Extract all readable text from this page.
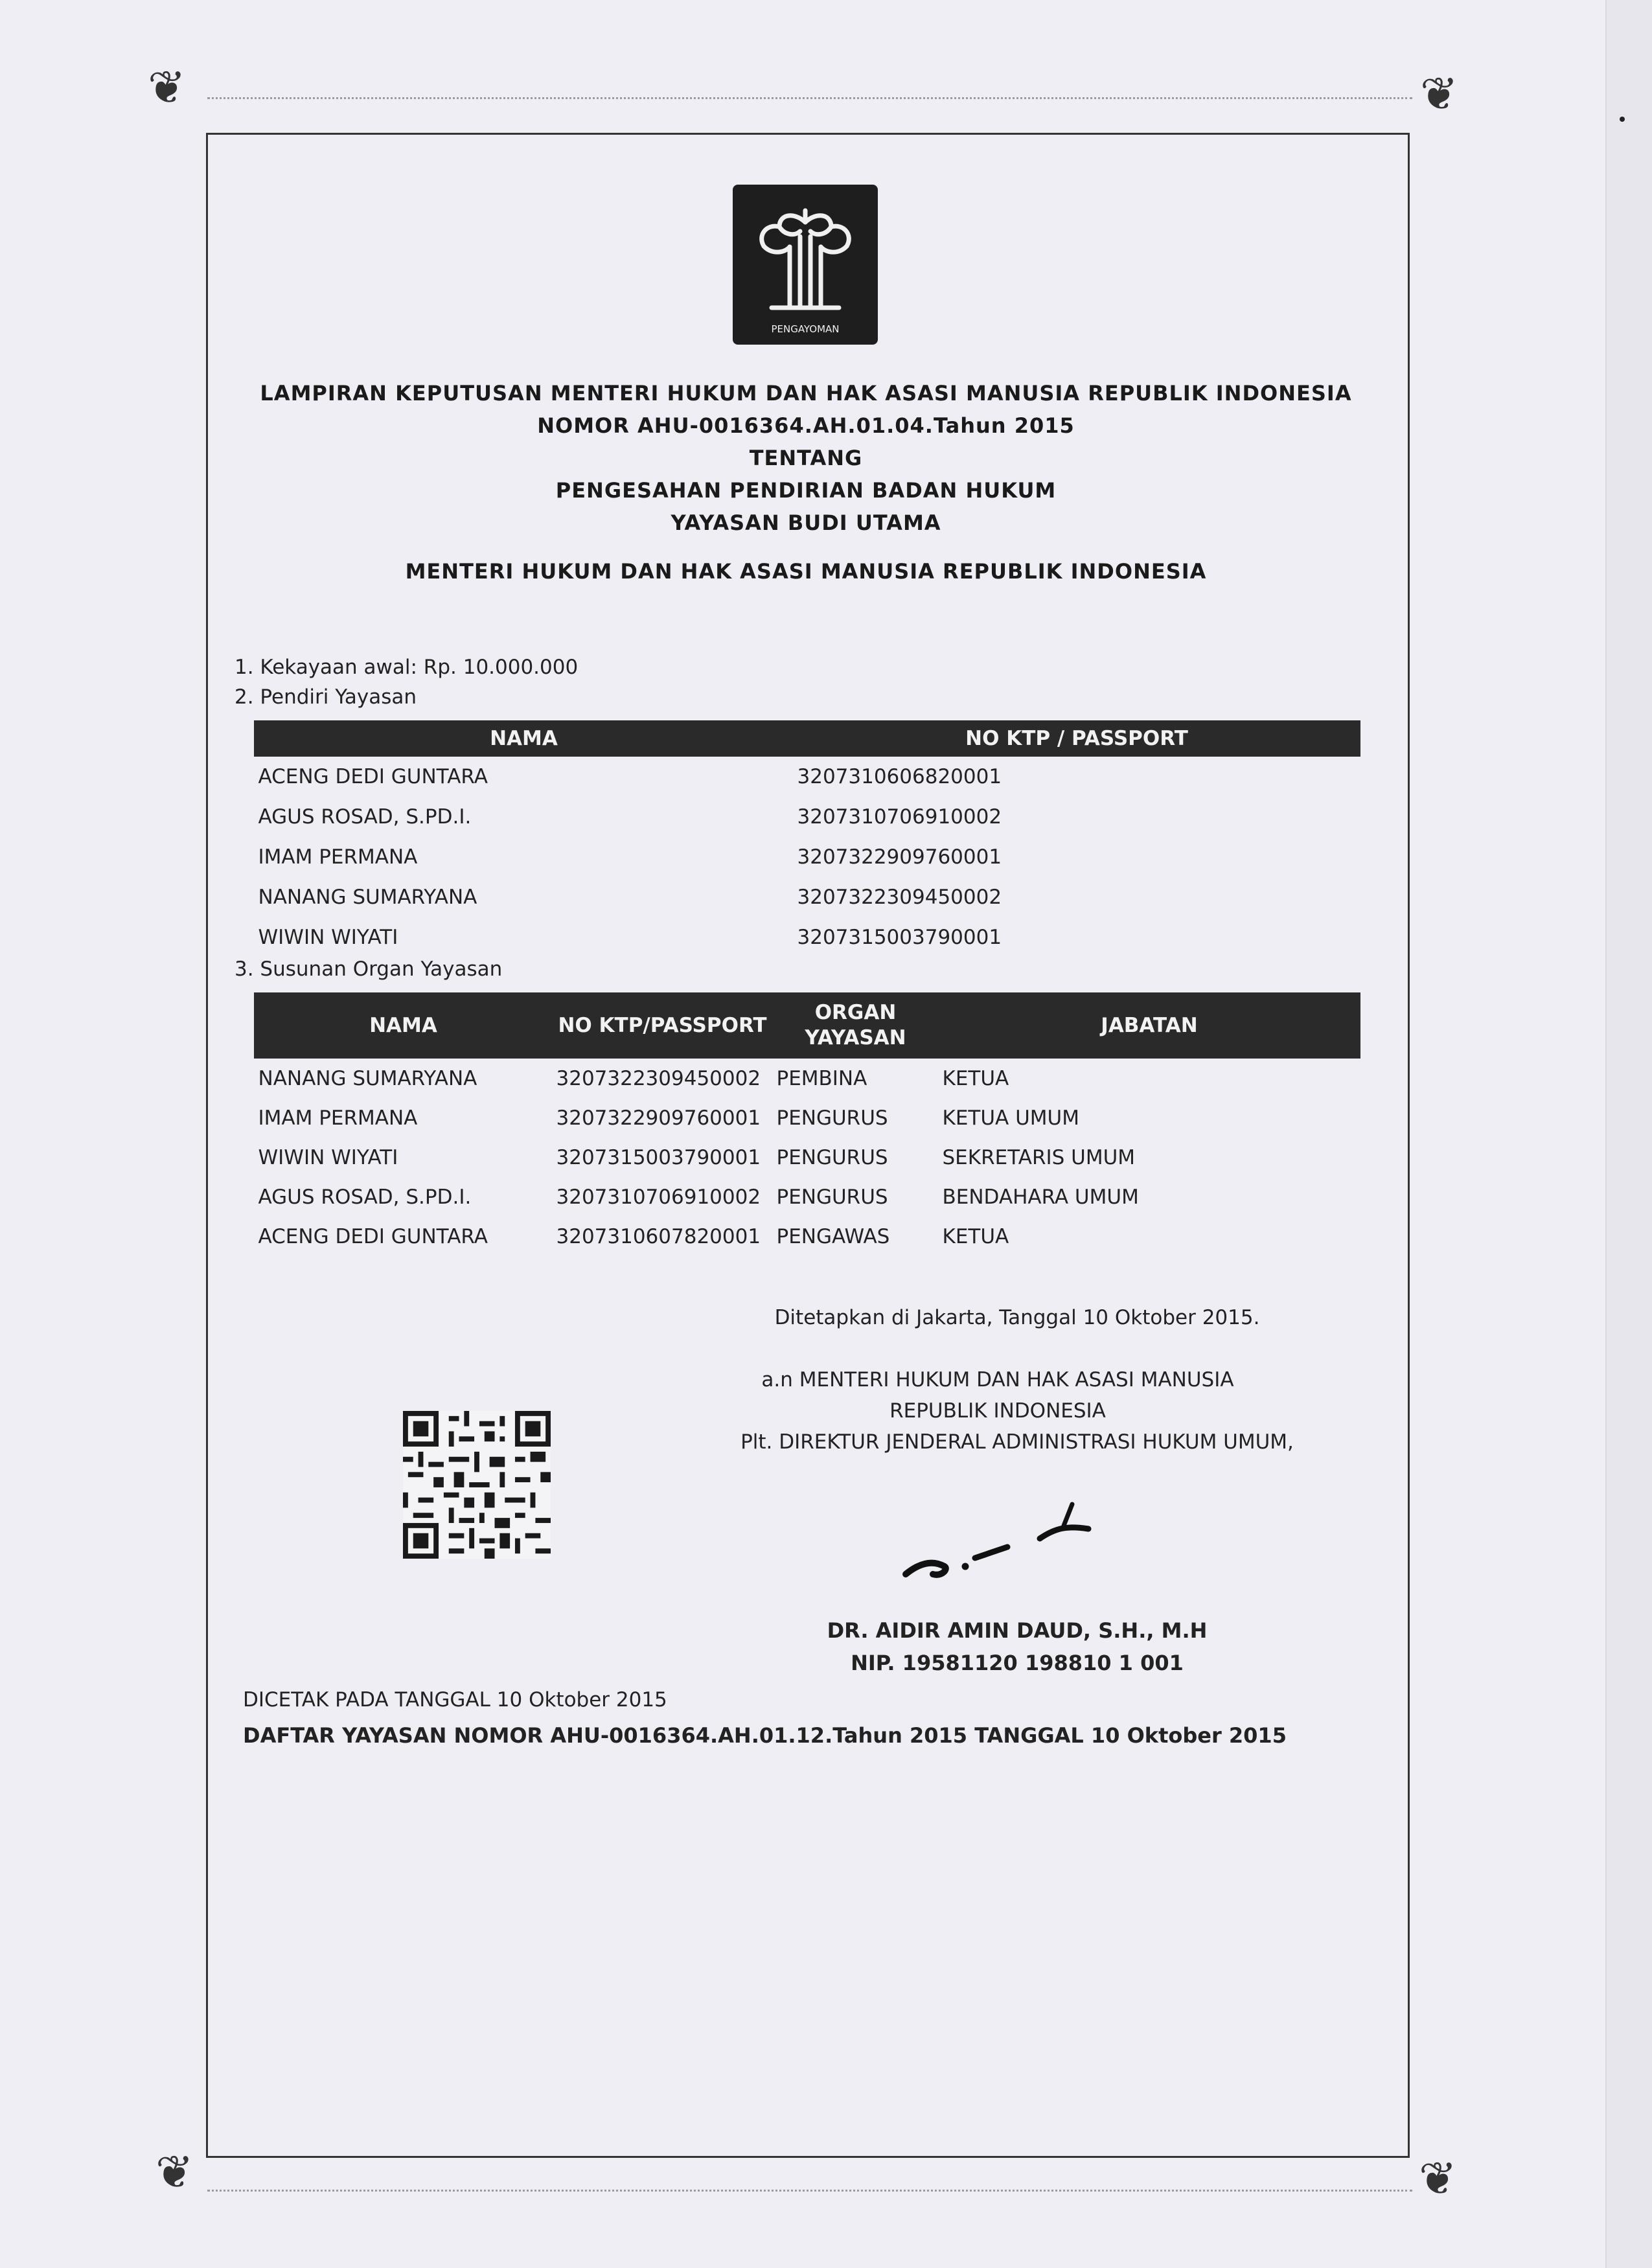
❦	❦
❦	❦
PENGAYOMAN
LAMPIRAN KEPUTUSAN MENTERI HUKUM DAN HAK ASASI MANUSIA REPUBLIK INDONESIA
NOMOR AHU-0016364.AH.01.04.Tahun 2015
TENTANG
PENGESAHAN PENDIRIAN BADAN HUKUM
YAYASAN BUDI UTAMA
MENTERI HUKUM DAN HAK ASASI MANUSIA REPUBLIK INDONESIA
1. Kekayaan awal: Rp. 10.000.000
2. Pendiri Yayasan
NAMA	NO KTP / PASSPORT
ACENG DEDI GUNTARA	3207310606820001
AGUS ROSAD, S.PD.I.	3207310706910002
IMAM PERMANA	3207322909760001
NANANG SUMARYANA	3207322309450002
WIWIN WIYATI	3207315003790001
3. Susunan Organ Yayasan
NAMA	NO KTP/PASSPORT	ORGAN YAYASAN	JABATAN
NANANG SUMARYANA	3207322309450002	PEMBINA	KETUA
IMAM PERMANA	3207322909760001	PENGURUS	KETUA UMUM
WIWIN WIYATI	3207315003790001	PENGURUS	SEKRETARIS UMUM
AGUS ROSAD, S.PD.I.	3207310706910002	PENGURUS	BENDAHARA UMUM
ACENG DEDI GUNTARA	3207310607820001	PENGAWAS	KETUA
Ditetapkan di Jakarta, Tanggal 10 Oktober 2015.
a.n MENTERI HUKUM DAN HAK ASASI MANUSIA
REPUBLIK INDONESIA
Plt. DIREKTUR JENDERAL ADMINISTRASI HUKUM UMUM,
DR. AIDIR AMIN DAUD, S.H., M.H
NIP. 19581120 198810 1 001
DICETAK PADA TANGGAL 10 Oktober 2015
DAFTAR YAYASAN NOMOR AHU-0016364.AH.01.12.Tahun 2015 TANGGAL 10 Oktober 2015
